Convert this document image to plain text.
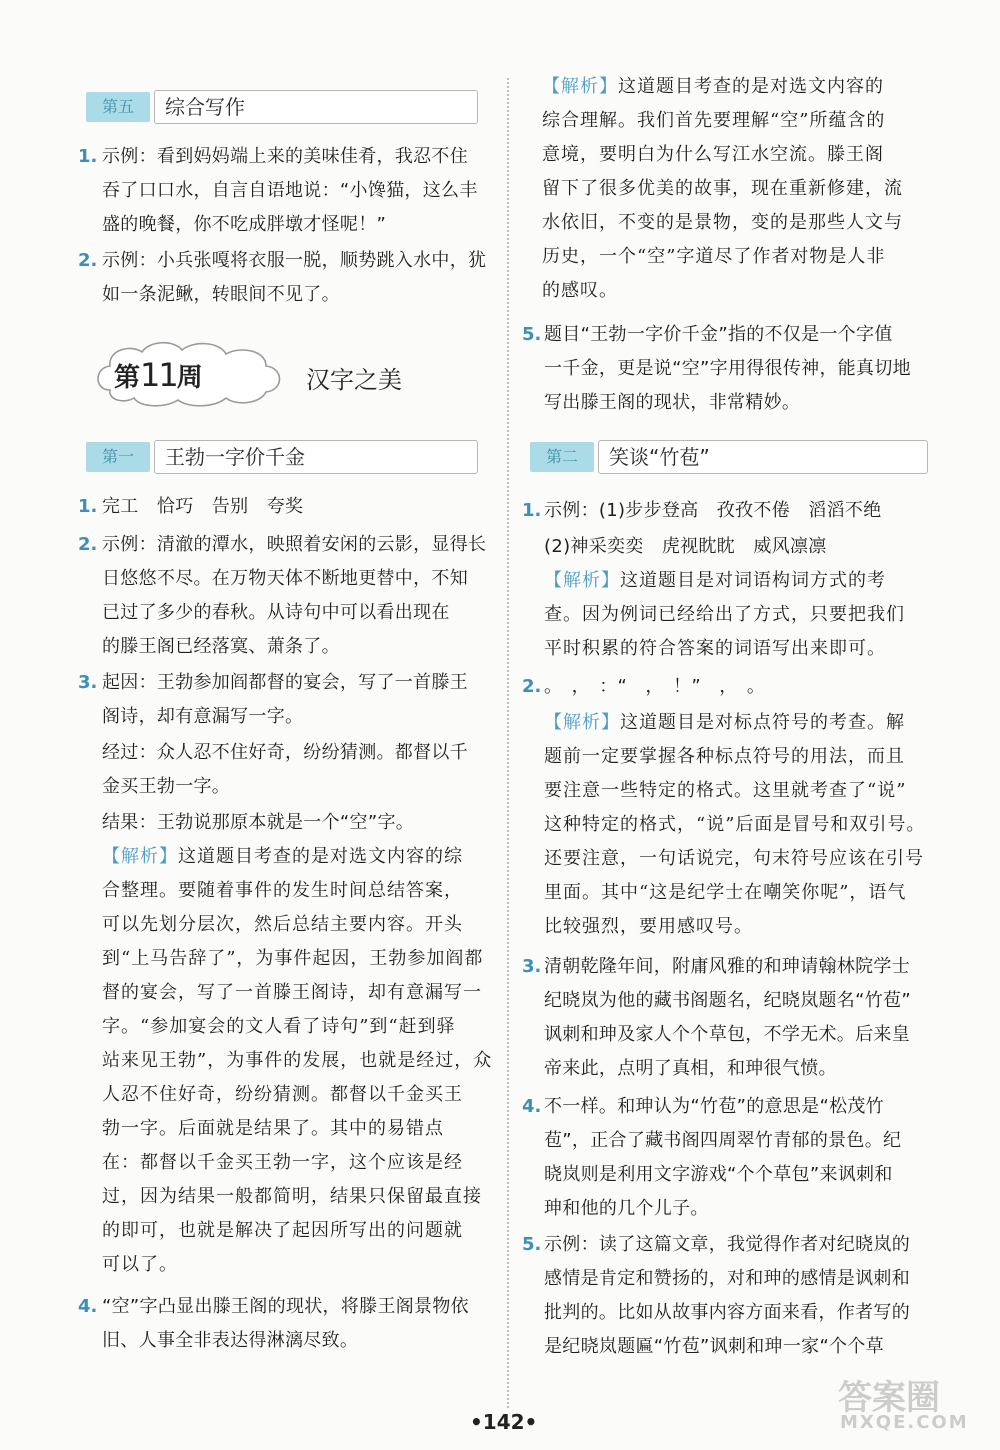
第五	综合写作
1. 示例：看到妈妈端上来的美味佳肴，我忍不住
吞了口口水，自言自语地说：“小馋猫，这么丰
盛的晚餐，你不吃成胖墩才怪呢！”
2. 示例：小兵张嘎将衣服一脱，顺势跳入水中，犹
如一条泥鳅，转眼间不见了。
第一	王勃一字价千金
1. 完工　恰巧　告别　夸奖
2. 示例：清澈的潭水，映照着安闲的云影，显得长
日悠悠不尽。在万物天体不断地更替中，不知
已过了多少的春秋。从诗句中可以看出现在
的滕王阁已经落寞、萧条了。
3. 起因：王勃参加阎都督的宴会，写了一首滕王
阁诗，却有意漏写一字。
经过：众人忍不住好奇，纷纷猜测。都督以千
金买王勃一字。
结果：王勃说那原本就是一个“空”字。
【解析】这道题目考查的是对选文内容的综
合整理。要随着事件的发生时间总结答案，
可以先划分层次，然后总结主要内容。开头
到“上马告辞了”，为事件起因，王勃参加阎都
督的宴会，写了一首滕王阁诗，却有意漏写一
字。“参加宴会的文人看了诗句”到“赶到驿
站来见王勃”，为事件的发展，也就是经过，众
人忍不住好奇，纷纷猜测。都督以千金买王
勃一字。后面就是结果了。其中的易错点
在：都督以千金买王勃一字，这个应该是经
过，因为结果一般都简明，结果只保留最直接
的即可，也就是解决了起因所写出的问题就
可以了。
4. “空”字凸显出滕王阁的现状，将滕王阁景物依
旧、人事全非表达得淋漓尽致。
第11周	汉字之美
【解析】这道题目考查的是对选文内容的
综合理解。我们首先要理解“空”所蕴含的
意境，要明白为什么写江水空流。滕王阁
留下了很多优美的故事，现在重新修建，流
水依旧，不变的是景物，变的是那些人文与
历史，一个“空”字道尽了作者对物是人非
的感叹。
5. 题目“王勃一字价千金”指的不仅是一个字值
一千金，更是说“空”字用得很传神，能真切地
写出滕王阁的现状，非常精妙。
第二	笑谈“竹苞”
1. 示例：(1)步步登高　孜孜不倦　滔滔不绝
(2)神采奕奕　虎视眈眈　威风凛凛
【解析】这道题目是对词语构词方式的考
查。因为例词已经给出了方式，只要把我们
平时积累的符合答案的词语写出来即可。
2. 。　，　：“　，　！”　，　。
【解析】这道题目是对标点符号的考查。解
题前一定要掌握各种标点符号的用法，而且
要注意一些特定的格式。这里就考查了“说”
这种特定的格式，“说”后面是冒号和双引号。
还要注意，一句话说完，句末符号应该在引号
里面。其中“这是纪学士在嘲笑你呢”，语气
比较强烈，要用感叹号。
3. 清朝乾隆年间，附庸风雅的和珅请翰林院学士
纪晓岚为他的藏书阁题名，纪晓岚题名“竹苞”
讽刺和珅及家人个个草包，不学无术。后来皇
帝来此，点明了真相，和珅很气愤。
4. 不一样。和珅认为“竹苞”的意思是“松茂竹
苞”，正合了藏书阁四周翠竹青郁的景色。纪
晓岚则是利用文字游戏“个个草包”来讽刺和
珅和他的几个儿子。
5. 示例：读了这篇文章，我觉得作者对纪晓岚的
感情是肯定和赞扬的，对和珅的感情是讽刺和
批判的。比如从故事内容方面来看，作者写的
是纪晓岚题匾“竹苞”讽刺和珅一家“个个草
•142•
答案圈
MXQE.COM
